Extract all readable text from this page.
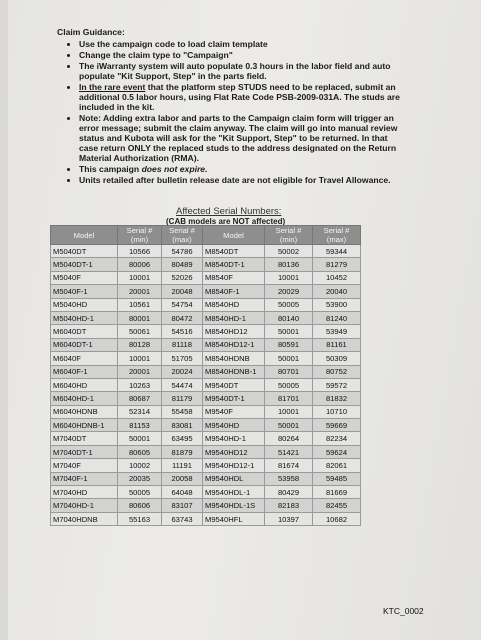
Claim Guidance:
• Use the campaign code to load claim template
• Change the claim type to "Campaign"
• The iWarranty system will auto populate 0.3 hours in the labor field and auto populate "Kit Support, Step" in the parts field.
• In the rare event that the platform step STUDS need to be replaced, submit an additional 0.5 labor hours, using Flat Rate Code PSB-2009-031A. The studs are included in the kit.
• Note: Adding extra labor and parts to the Campaign claim form will trigger an error message; submit the claim anyway. The claim will go into manual review status and Kubota will ask for the "Kit Support, Step" to be returned. In that case return ONLY the replaced studs to the address designated on the Return Material Authorization (RMA).
• This campaign does not expire.
• Units retailed after bulletin release date are not eligible for Travel Allowance.
Affected Serial Numbers:
(CAB models are NOT affected)
Model	Serial # (min)	Serial # (max)	Model	Serial # (min)	Serial # (max)
M5040DT	10566	54786	M8540DT	50002	59344
M5040DT-1	80006	80489	M8540DT-1	80136	81279
M5040F	10001	52026	M8540F	10001	10452
M5040F-1	20001	20048	M8540F-1	20029	20040
M5040HD	10561	54754	M8540HD	50005	53900
M5040HD-1	80001	80472	M8540HD-1	80140	81240
M6040DT	50061	54516	M8540HD12	50001	53949
M6040DT-1	80128	81118	M8540HD12-1	80591	81161
M6040F	10001	51705	M8540HDNB	50001	50309
M6040F-1	20001	20024	M8540HDNB-1	80701	80752
M6040HD	10263	54474	M9540DT	50005	59572
M6040HD-1	80687	81179	M9540DT-1	81701	81832
M6040HDNB	52314	55458	M9540F	10001	10710
M6040HDNB-1	81153	83081	M9540HD	50001	59669
M7040DT	50001	63495	M9540HD-1	80264	82234
M7040DT-1	80605	81879	M9540HD12	51421	59624
M7040F	10002	11191	M9540HD12-1	81674	82061
M7040F-1	20035	20058	M9540HDL	53958	59485
M7040HD	50005	64048	M9540HDL-1	80429	81669
M7040HD-1	80606	83107	M9540HDL-1S	82183	82455
M7040HDNB	55163	63743	M9540HFL	10397	10682
KTC_0002
